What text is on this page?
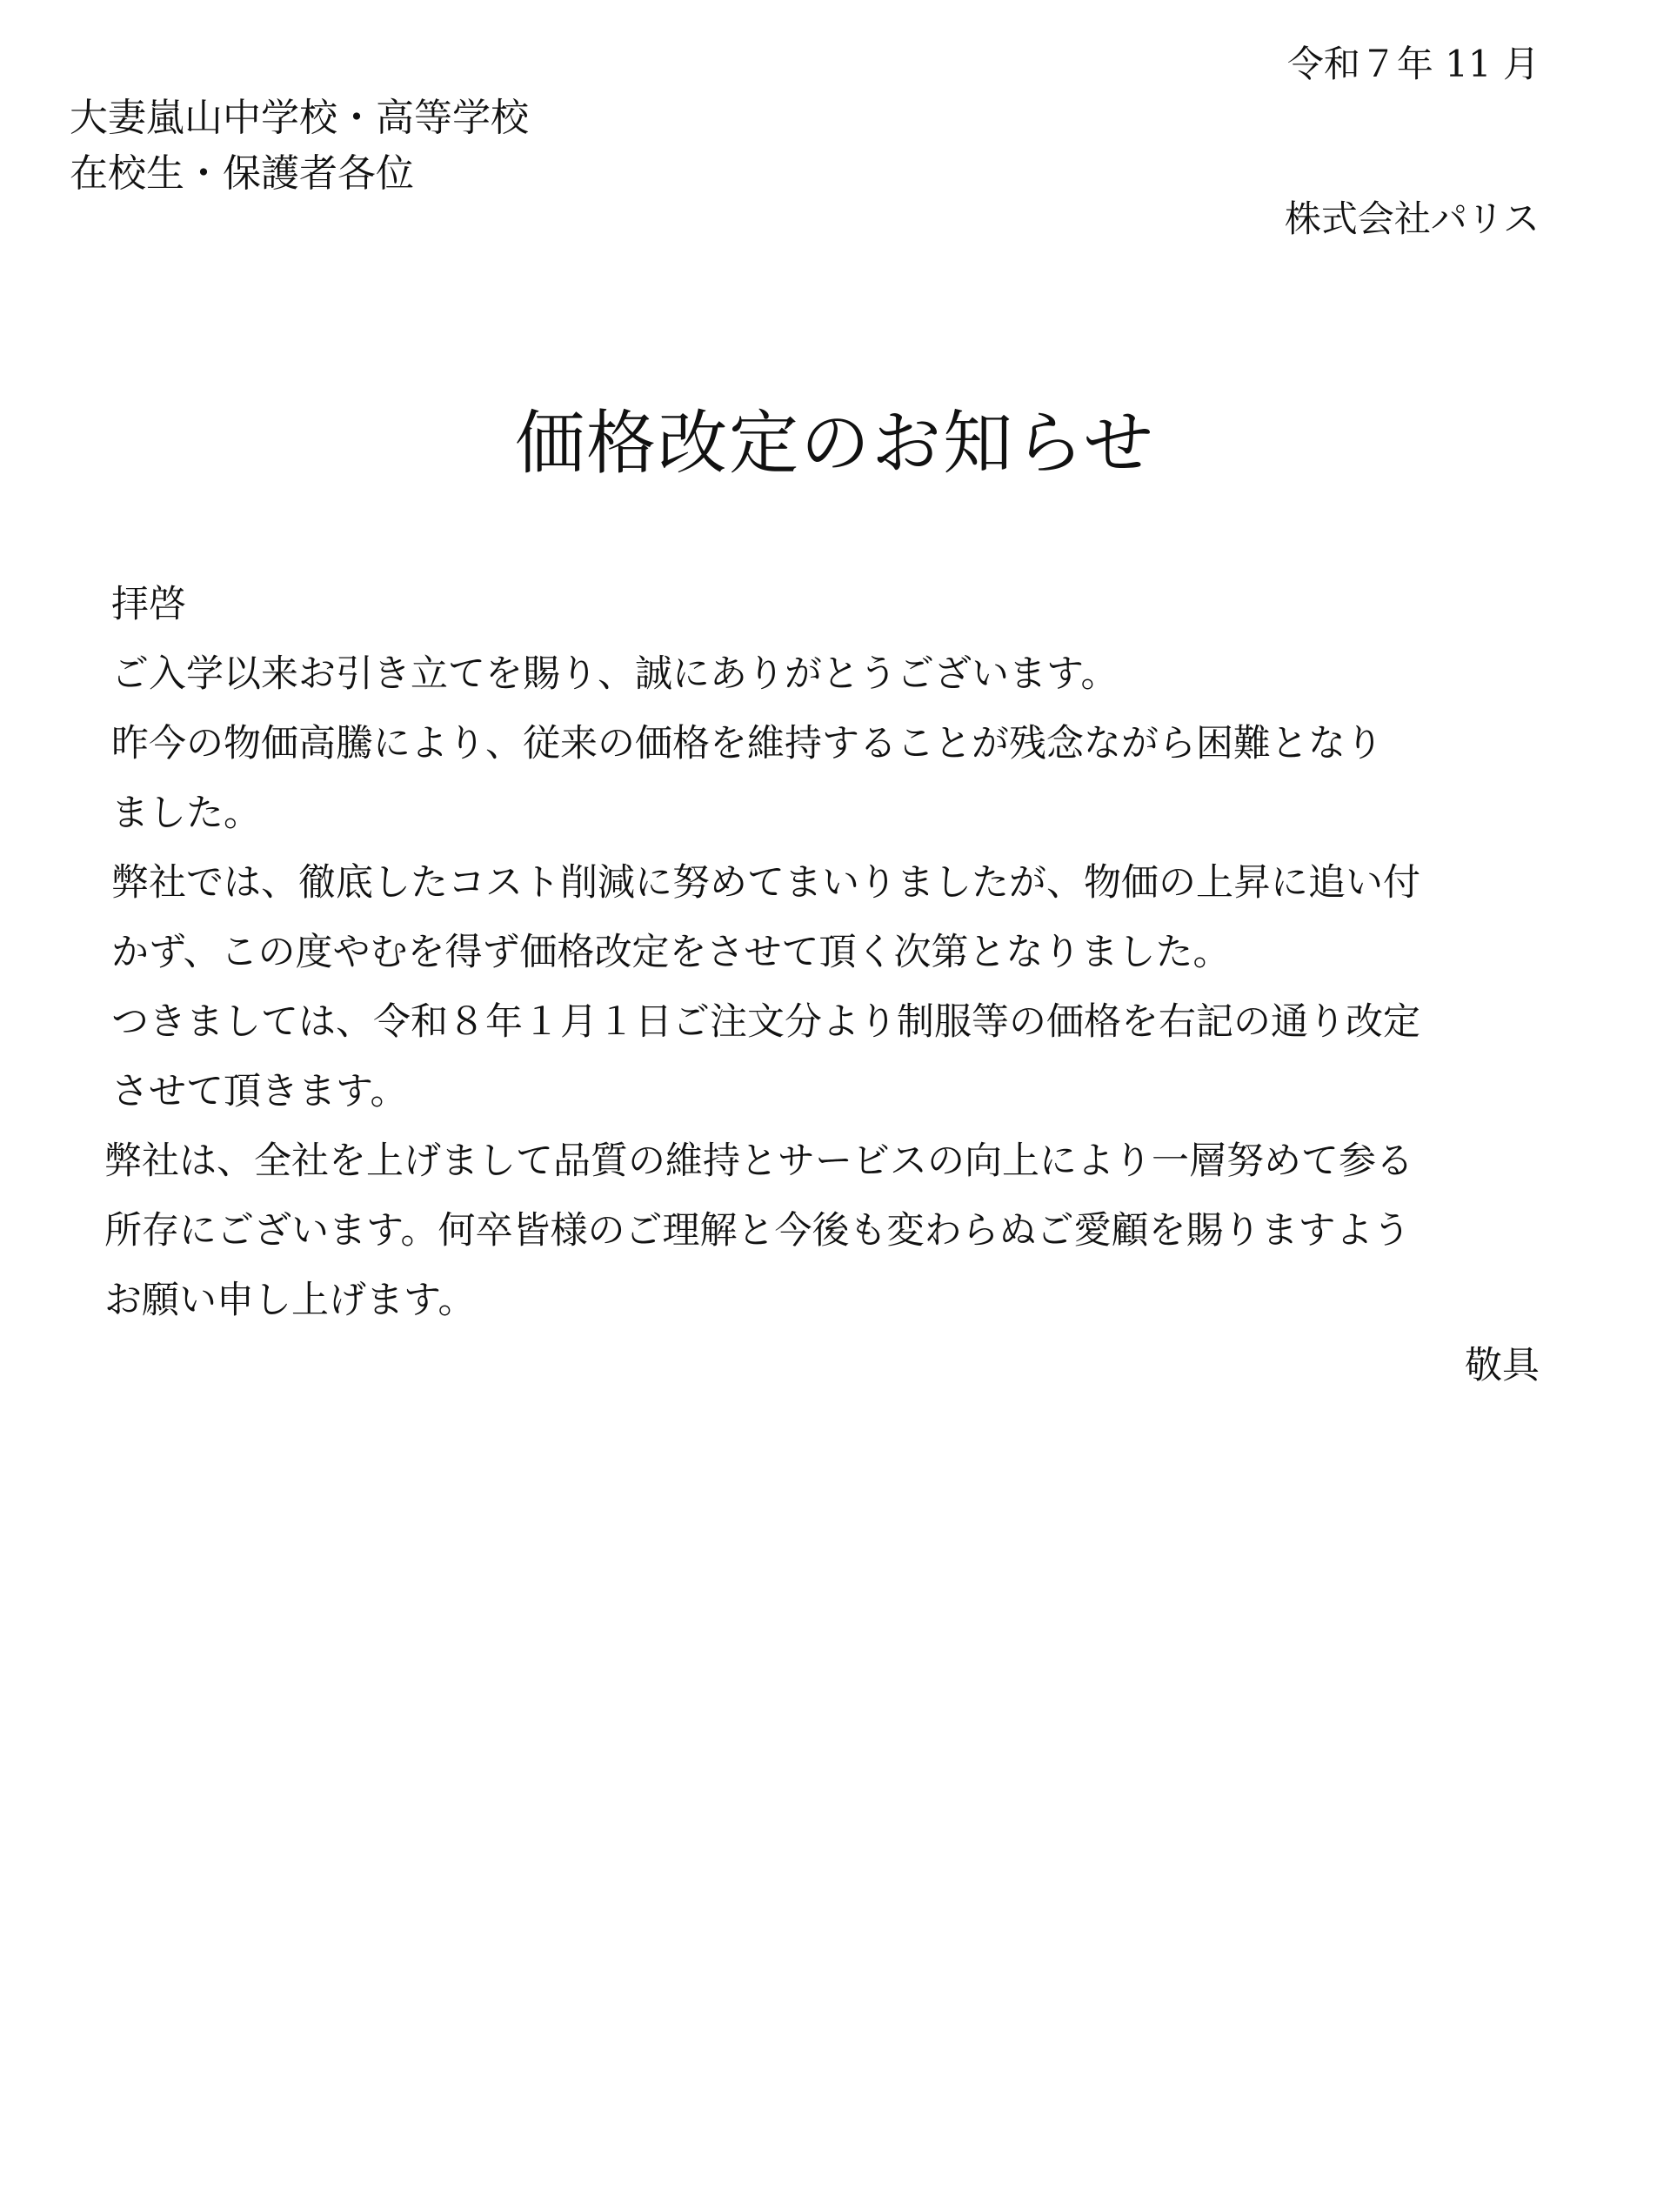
令和７年 11 月

大妻嵐山中学校・高等学校
在校生・保護者各位

株式会社パリス

価格改定のお知らせ
拝啓
ご入学以来お引き立てを賜り、誠にありがとうございます。
昨今の物価高騰により、従来の価格を維持することが残念ながら困難となり
ました。
弊社では、徹底したコスト削減に努めてまいりましたが、物価の上昇に追い付
かず、この度やむを得ず価格改定をさせて頂く次第となりました。
つきましては、令和８年１月１日ご注文分より制服等の価格を右記の通り改定
させて頂きます。
弊社は、全社を上げまして品質の維持とサービスの向上により一層努めて参る
所存にございます。何卒皆様のご理解と今後も変わらぬご愛顧を賜りますよう
お願い申し上げます。

敬具
